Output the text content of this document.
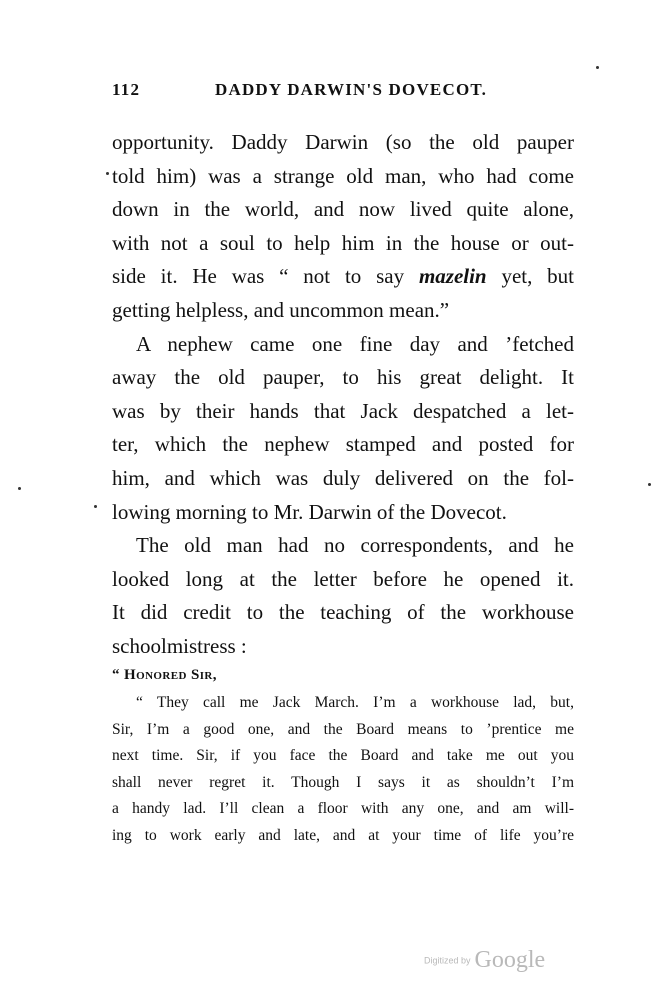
112	DADDY DARWIN'S DOVECOT.
opportunity. Daddy Darwin (so the old pauper
told him) was a strange old man, who had come
down in the world, and now lived quite alone,
with not a soul to help him in the house or out-
side it. He was “ not to say mazelin yet, but
getting helpless, and uncommon mean.”
A nephew came one fine day and ’fetched
away the old pauper, to his great delight. It
was by their hands that Jack despatched a let-
ter, which the nephew stamped and posted for
him, and which was duly delivered on the fol-
lowing morning to Mr. Darwin of the Dovecot.
The old man had no correspondents, and he
looked long at the letter before he opened it.
It did credit to the teaching of the workhouse
schoolmistress :
“ Honored Sir,
“ They call me Jack March. I’m a workhouse lad, but,
Sir, I’m a good one, and the Board means to ’prentice me
next time. Sir, if you face the Board and take me out you
shall never regret it. Though I says it as shouldn’t I’m
a handy lad. I’ll clean a floor with any one, and am will-
ing to work early and late, and at your time of life you’re
Digitized by Google
